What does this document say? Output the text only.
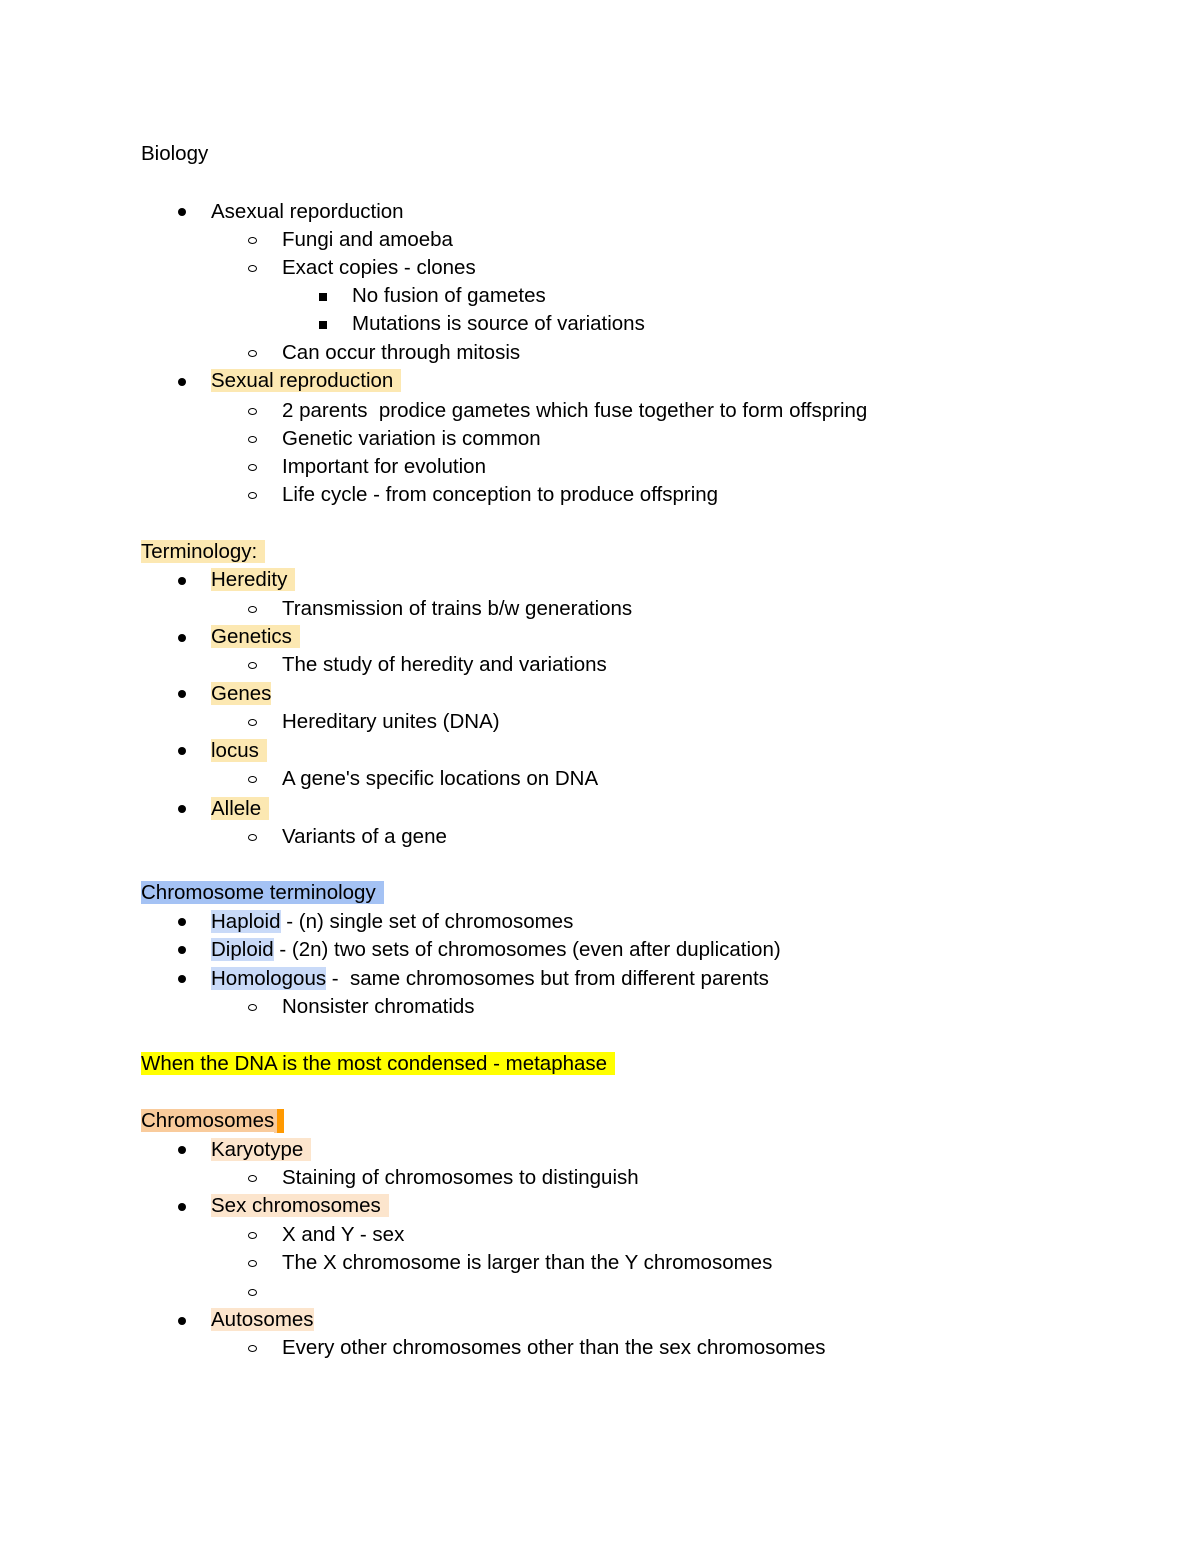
Biology
Asexual reporduction
Fungi and amoeba
Exact copies - clones
No fusion of gametes
Mutations is source of variations
Can occur through mitosis
Sexual reproduction
2 parents  prodice gametes which fuse together to form offspring
Genetic variation is common
Important for evolution
Life cycle - from conception to produce offspring
Terminology:
Heredity
Transmission of trains b/w generations
Genetics
The study of heredity and variations
Genes
Hereditary unites (DNA)
locus
A gene's specific locations on DNA
Allele
Variants of a gene
Chromosome terminology
Haploid - (n) single set of chromosomes
Diploid - (2n) two sets of chromosomes (even after duplication)
Homologous -  same chromosomes but from different parents
Nonsister chromatids
When the DNA is the most condensed - metaphase
Chromosomes
Karyotype
Staining of chromosomes to distinguish
Sex chromosomes
X and Y - sex
The X chromosome is larger than the Y chromosomes
Autosomes
Every other chromosomes other than the sex chromosomes
